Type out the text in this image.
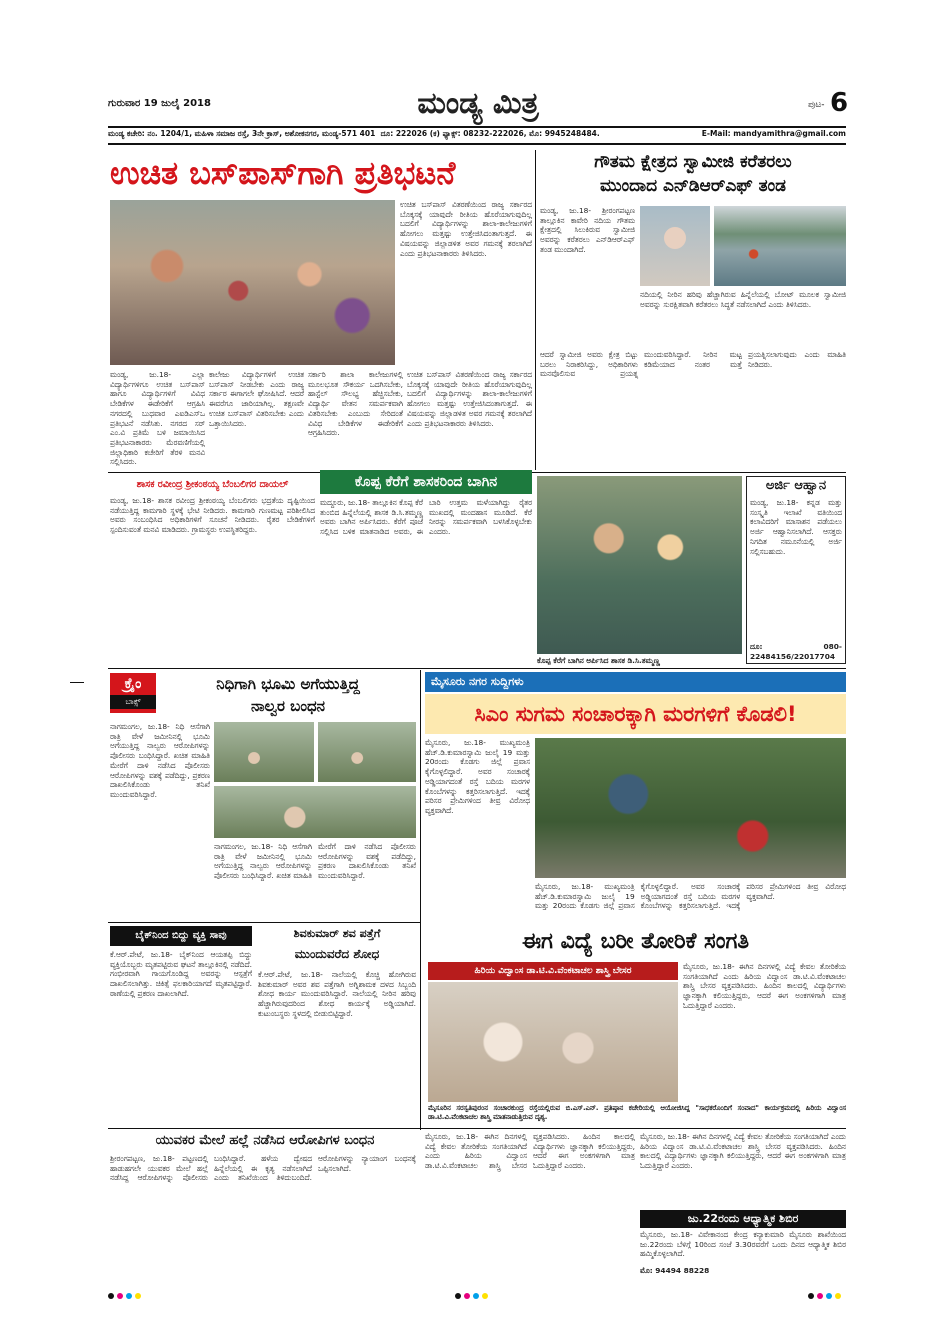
ಗುರುವಾರ 19 ಜುಲೈ 2018	ಮಂಡ್ಯ ಮಿತ್ರ	ಪುಟ- 6
ಮಂಡ್ಯ ಕಚೇರಿ: ನಂ. 1204/1, ಮಹಿಳಾ ಸಮಾಜ ರಸ್ತೆ, 3ನೇ ಕ್ರಾಸ್, ಅಶೋಕನಗರ, ಮಂಡ್ಯ-571 401 ದೂ: 222026 (ಕ) ಫ್ಯಾಕ್ಸ್: 08232-222026, ಮೊ: 9945248484.	E-Mail: mandyamithra@gmail.com
ಉಚಿತ ಬಸ್‌ಪಾಸ್‌ಗಾಗಿ ಪ್ರತಿಭಟನೆ
ಉಚಿತ ಬಸ್‌ಪಾಸ್ ವಿತರಣೆಯಿಂದ ರಾಜ್ಯ ಸರ್ಕಾರದ ಬೊಕ್ಕಸಕ್ಕೆ ಯಾವುದೇ ರೀತಿಯ ಹೊರೆಯಾಗುವುದಿಲ್ಲ ಬದಲಿಗೆ ವಿದ್ಯಾರ್ಥಿಗಳನ್ನು ಶಾಲಾ-ಕಾಲೇಜುಗಳಿಗೆ ಹೋಗಲು ಮತ್ತಷ್ಟು ಉತ್ತೇಜಿಸಿದಂತಾಗುತ್ತದೆ. ಈ ವಿಷಯವನ್ನು ಜಿಲ್ಲಾಡಳಿತ ಅವರ ಗಮನಕ್ಕೆ ತರಲಾಗಿದೆ ಎಂದು ಪ್ರತಿಭಟನಾಕಾರರು ತಿಳಿಸಿದರು.
ಮಂಡ್ಯ, ಜು.18- ಎಲ್ಲಾ ವಿದ್ಯಾರ್ಥಿಗಳಿಗೂ ಉಚಿತ ಬಸ್‌ಪಾಸ್ ಹಾಗೂ ವಿದ್ಯಾರ್ಥಿಗಳಿಗೆ ವಿವಿಧ ಬೇಡಿಕೆಗಳ ಈಡೇರಿಕೆಗೆ ಆಗ್ರಹಿಸಿ ನಗರದಲ್ಲಿ ಬುಧವಾರ ಎಐಡಿಎಸ್‌ಒ ಪ್ರತಿಭಟನೆ ನಡೆಸಿತು. ನಗರದ ಸರ್ ಎಂ.ವಿ ಪ್ರತಿಮೆ ಬಳಿ ಜಮಾಯಿಸಿದ ಪ್ರತಿಭಟನಾಕಾರರು ಮೆರವಣಿಗೆಯಲ್ಲಿ ಜಿಲ್ಲಾಧಿಕಾರಿ ಕಚೇರಿಗೆ ತೆರಳಿ ಮನವಿ ಸಲ್ಲಿಸಿದರು.
ಕಾಲೇಜು ವಿದ್ಯಾರ್ಥಿಗಳಿಗೆ ಉಚಿತ ಬಸ್‌ಪಾಸ್ ನೀಡಬೇಕು ಎಂದು ರಾಜ್ಯ ಸರ್ಕಾರ ಈಗಾಗಲೇ ಘೋಷಿಸಿದೆ. ಆದರೆ ಈವರೆಗೂ ಜಾರಿಯಾಗಿಲ್ಲ. ತಕ್ಷಣವೇ ಉಚಿತ ಬಸ್‌ಪಾಸ್ ವಿತರಿಸಬೇಕು ಎಂದು ಒತ್ತಾಯಿಸಿದರು.
ಸರ್ಕಾರಿ ಶಾಲಾ ಕಾಲೇಜುಗಳಲ್ಲಿ ಮೂಲಭೂತ ಸೌಕರ್ಯ ಒದಗಿಸಬೇಕು, ಹಾಸ್ಟೆಲ್ ಸೌಲಭ್ಯ ಹೆಚ್ಚಿಸಬೇಕು, ವಿದ್ಯಾರ್ಥಿ ವೇತನ ಸಮರ್ಪಕವಾಗಿ ವಿತರಿಸಬೇಕು ಎಂಬುದು ಸೇರಿದಂತೆ ವಿವಿಧ ಬೇಡಿಕೆಗಳ ಈಡೇರಿಕೆಗೆ ಆಗ್ರಹಿಸಿದರು.
ಉಚಿತ ಬಸ್‌ಪಾಸ್ ವಿತರಣೆಯಿಂದ ರಾಜ್ಯ ಸರ್ಕಾರದ ಬೊಕ್ಕಸಕ್ಕೆ ಯಾವುದೇ ರೀತಿಯ ಹೊರೆಯಾಗುವುದಿಲ್ಲ ಬದಲಿಗೆ ವಿದ್ಯಾರ್ಥಿಗಳನ್ನು ಶಾಲಾ-ಕಾಲೇಜುಗಳಿಗೆ ಹೋಗಲು ಮತ್ತಷ್ಟು ಉತ್ತೇಜಿಸಿದಂತಾಗುತ್ತದೆ. ಈ ವಿಷಯವನ್ನು ಜಿಲ್ಲಾಡಳಿತ ಅವರ ಗಮನಕ್ಕೆ ತರಲಾಗಿದೆ ಎಂದು ಪ್ರತಿಭಟನಾಕಾರರು ತಿಳಿಸಿದರು.
ಗೌತಮ ಕ್ಷೇತ್ರದ ಸ್ವಾಮೀಜಿ ಕರೆತರಲು
ಮುಂದಾದ ಎನ್‌ಡಿಆರ್‌ಎಫ್ ತಂಡ
ಮಂಡ್ಯ, ಜು.18- ಶ್ರೀರಂಗಪಟ್ಟಣ ತಾಲ್ಲೂಕಿನ ಕಾವೇರಿ ನದಿಯ ಗೌತಮ ಕ್ಷೇತ್ರದಲ್ಲಿ ಸಿಲುಕಿರುವ ಸ್ವಾಮೀಜಿ ಅವರನ್ನು ಕರೆತರಲು ಎನ್‌ಡಿಆರ್‌ಎಫ್ ತಂಡ ಮುಂದಾಗಿದೆ.
ನದಿಯಲ್ಲಿ ನೀರಿನ ಹರಿವು ಹೆಚ್ಚಾಗಿರುವ ಹಿನ್ನೆಲೆಯಲ್ಲಿ ಬೋಟ್ ಮೂಲಕ ಸ್ವಾಮೀಜಿ ಅವರನ್ನು ಸುರಕ್ಷಿತವಾಗಿ ಕರೆತರಲು ಸಿದ್ಧತೆ ನಡೆಸಲಾಗಿದೆ ಎಂದು ತಿಳಿಸಿದರು.
ಆದರೆ ಸ್ವಾಮೀಜಿ ಅವರು ಕ್ಷೇತ್ರ ಬಿಟ್ಟು ಬರಲು ನಿರಾಕರಿಸಿದ್ದು, ಅಧಿಕಾರಿಗಳು ಮನವೊಲಿಸುವ ಪ್ರಯತ್ನ ಮುಂದುವರಿಸಿದ್ದಾರೆ. ನೀರಿನ ಮಟ್ಟ ಕಡಿಮೆಯಾದ ನಂತರ ಮತ್ತೆ ಪ್ರಯತ್ನಿಸಲಾಗುವುದು ಎಂದು ಮಾಹಿತಿ ನೀಡಿದರು.
ಶಾಸಕ ರವೀಂದ್ರ ಶ್ರೀಕಂಠಯ್ಯ ಬೆಂಬಲಿಗರ ದಾಯಲ್
ಮಂಡ್ಯ, ಜು.18- ಶಾಸಕ ರವೀಂದ್ರ ಶ್ರೀಕಂಠಯ್ಯ ಬೆಂಬಲಿಗರು ಭದ್ರತೆಯ ದೃಷ್ಟಿಯಿಂದ ನಡೆಯುತ್ತಿದ್ದ ಕಾಮಗಾರಿ ಸ್ಥಳಕ್ಕೆ ಭೇಟಿ ನೀಡಿದರು. ಕಾಮಗಾರಿ ಗುಣಮಟ್ಟ ಪರಿಶೀಲಿಸಿದ ಅವರು ಸಂಬಂಧಿಸಿದ ಅಧಿಕಾರಿಗಳಿಗೆ ಸೂಚನೆ ನೀಡಿದರು. ರೈತರ ಬೇಡಿಕೆಗಳಿಗೆ ಸ್ಪಂದಿಸುವಂತೆ ಮನವಿ ಮಾಡಿದರು. ಗ್ರಾಮಸ್ಥರು ಉಪಸ್ಥಿತರಿದ್ದರು.
ಕೊಪ್ಪ ಕೆರೆಗೆ ಶಾಸಕರಿಂದ ಬಾಗಿನ
ಮದ್ದೂರು, ಜು.18- ತಾಲ್ಲೂಕಿನ ಕೊಪ್ಪ ಕೆರೆ ತುಂಬಿದ ಹಿನ್ನೆಲೆಯಲ್ಲಿ ಶಾಸಕ ಡಿ.ಸಿ.ತಮ್ಮಣ್ಣ ಅವರು ಬಾಗಿನ ಅರ್ಪಿಸಿದರು. ಕೆರೆಗೆ ಪೂಜೆ ಸಲ್ಲಿಸಿದ ಬಳಿಕ ಮಾತನಾಡಿದ ಅವರು, ಈ ಬಾರಿ ಉತ್ತಮ ಮಳೆಯಾಗಿದ್ದು ರೈತರ ಮುಖದಲ್ಲಿ ಮಂದಹಾಸ ಮೂಡಿದೆ. ಕೆರೆ ನೀರನ್ನು ಸಮರ್ಪಕವಾಗಿ ಬಳಸಿಕೊಳ್ಳಬೇಕು ಎಂದರು.
ಕೊಪ್ಪ ಕೆರೆಗೆ ಬಾಗಿನ ಅರ್ಪಿಸಿದ ಶಾಸಕ ಡಿ.ಸಿ.ತಮ್ಮಣ್ಣ
ಅರ್ಜಿ ಆಹ್ವಾನ
ಮಂಡ್ಯ, ಜು.18- ಕನ್ನಡ ಮತ್ತು ಸಂಸ್ಕೃತಿ ಇಲಾಖೆ ವತಿಯಿಂದ ಕಲಾವಿದರಿಗೆ ಮಾಸಾಶನ ಪಡೆಯಲು ಅರ್ಜಿ ಆಹ್ವಾನಿಸಲಾಗಿದೆ. ಆಸಕ್ತರು ನಿಗದಿತ ನಮೂನೆಯಲ್ಲಿ ಅರ್ಜಿ ಸಲ್ಲಿಸಬಹುದು.
ದೂ: 080-22484156/22017704
ಕ್ರೈಂ
ಬಾಕ್ಸ್
ನಿಧಿಗಾಗಿ ಭೂಮಿ ಅಗೆಯುತ್ತಿದ್ದ
ನಾಲ್ವರ ಬಂಧನ
ನಾಗಮಂಗಲ, ಜು.18- ನಿಧಿ ಆಸೆಗಾಗಿ ರಾತ್ರಿ ವೇಳೆ ಜಮೀನಿನಲ್ಲಿ ಭೂಮಿ ಅಗೆಯುತ್ತಿದ್ದ ನಾಲ್ವರು ಆರೋಪಿಗಳನ್ನು ಪೊಲೀಸರು ಬಂಧಿಸಿದ್ದಾರೆ. ಖಚಿತ ಮಾಹಿತಿ ಮೇರೆಗೆ ದಾಳಿ ನಡೆಸಿದ ಪೊಲೀಸರು ಆರೋಪಿಗಳನ್ನು ವಶಕ್ಕೆ ಪಡೆದಿದ್ದು, ಪ್ರಕರಣ ದಾಖಲಿಸಿಕೊಂಡು ತನಿಖೆ ಮುಂದುವರಿಸಿದ್ದಾರೆ.
ನಾಗಮಂಗಲ, ಜು.18- ನಿಧಿ ಆಸೆಗಾಗಿ ರಾತ್ರಿ ವೇಳೆ ಜಮೀನಿನಲ್ಲಿ ಭೂಮಿ ಅಗೆಯುತ್ತಿದ್ದ ನಾಲ್ವರು ಆರೋಪಿಗಳನ್ನು ಪೊಲೀಸರು ಬಂಧಿಸಿದ್ದಾರೆ. ಖಚಿತ ಮಾಹಿತಿ ಮೇರೆಗೆ ದಾಳಿ ನಡೆಸಿದ ಪೊಲೀಸರು ಆರೋಪಿಗಳನ್ನು ವಶಕ್ಕೆ ಪಡೆದಿದ್ದು, ಪ್ರಕರಣ ದಾಖಲಿಸಿಕೊಂಡು ತನಿಖೆ ಮುಂದುವರಿಸಿದ್ದಾರೆ.
ಮೈಸೂರು ನಗರ ಸುದ್ದಿಗಳು
ಸಿಎಂ ಸುಗಮ ಸಂಚಾರಕ್ಕಾಗಿ ಮರಗಳಿಗೆ ಕೊಡಲಿ!
ಮೈಸೂರು, ಜು.18- ಮುಖ್ಯಮಂತ್ರಿ ಹೆಚ್.ಡಿ.ಕುಮಾರಸ್ವಾಮಿ ಜುಲೈ 19 ಮತ್ತು 20ರಂದು ಕೊಡಗು ಜಿಲ್ಲೆ ಪ್ರವಾಸ ಕೈಗೊಳ್ಳಲಿದ್ದಾರೆ. ಅವರ ಸಂಚಾರಕ್ಕೆ ಅಡ್ಡಿಯಾಗದಂತೆ ರಸ್ತೆ ಬದಿಯ ಮರಗಳ ಕೊಂಬೆಗಳನ್ನು ಕತ್ತರಿಸಲಾಗುತ್ತಿದೆ. ಇದಕ್ಕೆ ಪರಿಸರ ಪ್ರೇಮಿಗಳಿಂದ ತೀವ್ರ ವಿರೋಧ ವ್ಯಕ್ತವಾಗಿದೆ.
ಮೈಸೂರು, ಜು.18- ಮುಖ್ಯಮಂತ್ರಿ ಹೆಚ್.ಡಿ.ಕುಮಾರಸ್ವಾಮಿ ಜುಲೈ 19 ಮತ್ತು 20ರಂದು ಕೊಡಗು ಜಿಲ್ಲೆ ಪ್ರವಾಸ ಕೈಗೊಳ್ಳಲಿದ್ದಾರೆ. ಅವರ ಸಂಚಾರಕ್ಕೆ ಅಡ್ಡಿಯಾಗದಂತೆ ರಸ್ತೆ ಬದಿಯ ಮರಗಳ ಕೊಂಬೆಗಳನ್ನು ಕತ್ತರಿಸಲಾಗುತ್ತಿದೆ. ಇದಕ್ಕೆ ಪರಿಸರ ಪ್ರೇಮಿಗಳಿಂದ ತೀವ್ರ ವಿರೋಧ ವ್ಯಕ್ತವಾಗಿದೆ.
ಬೈಕ್‌ನಿಂದ ಬಿದ್ದು ವ್ಯಕ್ತಿ ಸಾವು
ಕೆ.ಆರ್.ಪೇಟೆ, ಜು.18- ಬೈಕ್‌ನಿಂದ ಆಯತಪ್ಪಿ ಬಿದ್ದು ವ್ಯಕ್ತಿಯೊಬ್ಬರು ಮೃತಪಟ್ಟಿರುವ ಘಟನೆ ತಾಲ್ಲೂಕಿನಲ್ಲಿ ನಡೆದಿದೆ. ಗಂಭೀರವಾಗಿ ಗಾಯಗೊಂಡಿದ್ದ ಅವರನ್ನು ಆಸ್ಪತ್ರೆಗೆ ದಾಖಲಿಸಲಾಗಿತ್ತು. ಚಿಕಿತ್ಸೆ ಫಲಕಾರಿಯಾಗದೆ ಮೃತಪಟ್ಟಿದ್ದಾರೆ. ಠಾಣೆಯಲ್ಲಿ ಪ್ರಕರಣ ದಾಖಲಾಗಿದೆ.
ಶಿವಕುಮಾರ್ ಶವ ಪತ್ತೆಗೆ
ಮುಂದುವರೆದ ಶೋಧ
ಕೆ.ಆರ್.ಪೇಟೆ, ಜು.18- ನಾಲೆಯಲ್ಲಿ ಕೊಚ್ಚಿ ಹೋಗಿರುವ ಶಿವಕುಮಾರ್ ಅವರ ಶವ ಪತ್ತೆಗಾಗಿ ಅಗ್ನಿಶಾಮಕ ದಳದ ಸಿಬ್ಬಂದಿ ಶೋಧ ಕಾರ್ಯ ಮುಂದುವರಿಸಿದ್ದಾರೆ. ನಾಲೆಯಲ್ಲಿ ನೀರಿನ ಹರಿವು ಹೆಚ್ಚಾಗಿರುವುದರಿಂದ ಶೋಧ ಕಾರ್ಯಕ್ಕೆ ಅಡ್ಡಿಯಾಗಿದೆ. ಕುಟುಂಬಸ್ಥರು ಸ್ಥಳದಲ್ಲಿ ಬೀಡುಬಿಟ್ಟಿದ್ದಾರೆ.
ಈಗ ವಿದ್ಯೆ ಬರೀ ತೋರಿಕೆ ಸಂಗತಿ
ಹಿರಿಯ ವಿದ್ವಾಂಸ ಡಾ.ಟಿ.ವಿ.ವೆಂಕಟಾಚಲ ಶಾಸ್ತ್ರಿ ಬೇಸರ
ಮೈಸೂರಿನ ಸರಸ್ವತಿಪುರಂನ ಸಂಚಾರಕುಂದ್ರ ರಸ್ತೆಯಲ್ಲಿರುವ ಬಿ.ಎಸ್.ಎನ್. ಪ್ರತಿಷ್ಠಾನ ಕಚೇರಿಯಲ್ಲಿ ಆಯೋಜಿಸಿದ್ದ "ಸಾಧಕರೊಂದಿಗೆ ಸಂವಾದ" ಕಾರ್ಯಕ್ರಮದಲ್ಲಿ ಹಿರಿಯ ವಿದ್ವಾಂಸ ಡಾ.ಟಿ.ವಿ.ವೆಂಕಟಾಚಲ ಶಾಸ್ತ್ರಿ ಮಾತನಾಡುತ್ತಿರುವ ದೃಶ್ಯ.
ಮೈಸೂರು, ಜು.18- ಈಗಿನ ದಿನಗಳಲ್ಲಿ ವಿದ್ಯೆ ಕೇವಲ ತೋರಿಕೆಯ ಸಂಗತಿಯಾಗಿದೆ ಎಂದು ಹಿರಿಯ ವಿದ್ವಾಂಸ ಡಾ.ಟಿ.ವಿ.ವೆಂಕಟಾಚಲ ಶಾಸ್ತ್ರಿ ಬೇಸರ ವ್ಯಕ್ತಪಡಿಸಿದರು. ಹಿಂದಿನ ಕಾಲದಲ್ಲಿ ವಿದ್ಯಾರ್ಥಿಗಳು ಜ್ಞಾನಕ್ಕಾಗಿ ಕಲಿಯುತ್ತಿದ್ದರು, ಆದರೆ ಈಗ ಅಂಕಗಳಿಗಾಗಿ ಮಾತ್ರ ಓದುತ್ತಿದ್ದಾರೆ ಎಂದರು.
ಯುವಕರ ಮೇಲೆ ಹಲ್ಲೆ ನಡೆಸಿದ ಆರೋಪಿಗಳ ಬಂಧನ
ಶ್ರೀರಂಗಪಟ್ಟಣ, ಜು.18- ಪಟ್ಟಣದಲ್ಲಿ ಹಾಡುಹಗಲೇ ಯುವಕರ ಮೇಲೆ ಹಲ್ಲೆ ನಡೆಸಿದ್ದ ಆರೋಪಿಗಳನ್ನು ಪೊಲೀಸರು ಬಂಧಿಸಿದ್ದಾರೆ. ಹಳೆಯ ದ್ವೇಷದ ಹಿನ್ನೆಲೆಯಲ್ಲಿ ಈ ಕೃತ್ಯ ನಡೆಸಲಾಗಿದೆ ಎಂದು ತನಿಖೆಯಿಂದ ತಿಳಿದುಬಂದಿದೆ. ಆರೋಪಿಗಳನ್ನು ನ್ಯಾಯಾಂಗ ಬಂಧನಕ್ಕೆ ಒಪ್ಪಿಸಲಾಗಿದೆ.
ಮೈಸೂರು, ಜು.18- ಈಗಿನ ದಿನಗಳಲ್ಲಿ ವಿದ್ಯೆ ಕೇವಲ ತೋರಿಕೆಯ ಸಂಗತಿಯಾಗಿದೆ ಎಂದು ಹಿರಿಯ ವಿದ್ವಾಂಸ ಡಾ.ಟಿ.ವಿ.ವೆಂಕಟಾಚಲ ಶಾಸ್ತ್ರಿ ಬೇಸರ ವ್ಯಕ್ತಪಡಿಸಿದರು. ಹಿಂದಿನ ಕಾಲದಲ್ಲಿ ವಿದ್ಯಾರ್ಥಿಗಳು ಜ್ಞಾನಕ್ಕಾಗಿ ಕಲಿಯುತ್ತಿದ್ದರು, ಆದರೆ ಈಗ ಅಂಕಗಳಿಗಾಗಿ ಮಾತ್ರ ಓದುತ್ತಿದ್ದಾರೆ ಎಂದರು.
ಜು.22ರಂದು ಆಧ್ಯಾತ್ಮಿಕ ಶಿಬಿರ
ಮೈಸೂರು, ಜು.18- ವಿವೇಕಾನಂದ ಕೇಂದ್ರ ಕನ್ಯಾಕುಮಾರಿ ಮೈಸೂರು ಶಾಖೆಯಿಂದ ಜು.22ರಂದು ಬೆಳಿಗ್ಗೆ 10ರಿಂದ ಸಂಜೆ 3.30ರವರೆಗೆ ಒಂದು ದಿನದ ಆಧ್ಯಾತ್ಮಿಕ ಶಿಬಿರ ಹಮ್ಮಿಕೊಳ್ಳಲಾಗಿದೆ.
ಮೊ: 94494 88228
ಮೈಸೂರು, ಜು.18- ಈಗಿನ ದಿನಗಳಲ್ಲಿ ವಿದ್ಯೆ ಕೇವಲ ತೋರಿಕೆಯ ಸಂಗತಿಯಾಗಿದೆ ಎಂದು ಹಿರಿಯ ವಿದ್ವಾಂಸ ಡಾ.ಟಿ.ವಿ.ವೆಂಕಟಾಚಲ ಶಾಸ್ತ್ರಿ ಬೇಸರ ವ್ಯಕ್ತಪಡಿಸಿದರು. ಹಿಂದಿನ ಕಾಲದಲ್ಲಿ ವಿದ್ಯಾರ್ಥಿಗಳು ಜ್ಞಾನಕ್ಕಾಗಿ ಕಲಿಯುತ್ತಿದ್ದರು, ಆದರೆ ಈಗ ಅಂಕಗಳಿಗಾಗಿ ಮಾತ್ರ ಓದುತ್ತಿದ್ದಾರೆ ಎಂದರು.
